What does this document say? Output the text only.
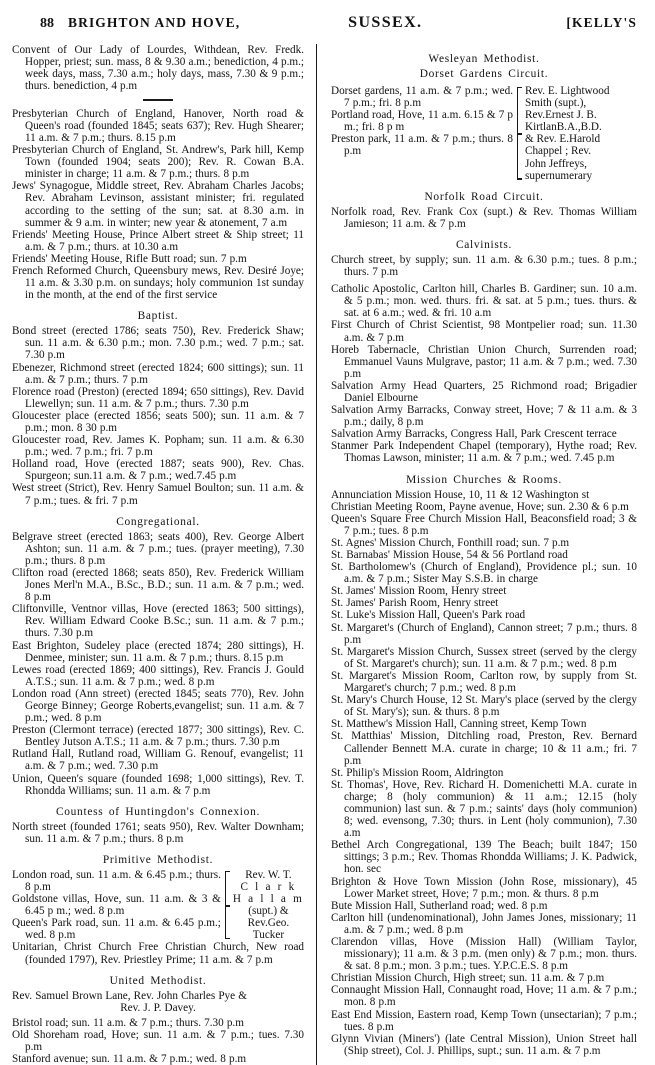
88 BRIGHTON AND HOVE,	SUSSEX.	[KELLY'S
Convent of Our Lady of Lourdes, Withdean, Rev. Fredk. Hopper, priest; sun. mass, 8 & 9.30 a.m.; benediction, 4 p.m.; week days, mass, 7.30 a.m.; holy days, mass, 7.30 & 9 p.m.; thurs. benediction, 4 p.m
Presbyterian Church of England, Hanover, North road & Queen's road (founded 1845; seats 637); Rev. Hugh Shearer; 11 a.m. & 7 p.m.; thurs. 8.15 p.m
Presbyterian Church of England, St. Andrew's, Park hill, Kemp Town (founded 1904; seats 200); Rev. R. Cowan B.A. minister in charge; 11 a.m. & 7 p.m.; thurs. 8 p.m
Jews' Synagogue, Middle street, Rev. Abraham Charles Jacobs; Rev. Abraham Levinson, assistant minister; fri. regulated according to the setting of the sun; sat. at 8.30 a.m. in summer & 9 a.m. in winter; new year & atonement, 7 a.m
Friends' Meeting House, Prince Albert street & Ship street; 11 a.m. & 7 p.m.; thurs. at 10.30 a.m
Friends' Meeting House, Rifle Butt road; sun. 7 p.m
French Reformed Church, Queensbury mews, Rev. Desiré Joye; 11 a.m. & 3.30 p.m. on sundays; holy communion 1st sunday in the month, at the end of the first service
Baptist.
Bond street (erected 1786; seats 750), Rev. Frederick Shaw; sun. 11 a.m. & 6.30 p.m.; mon. 7.30 p.m.; wed. 7 p.m.; sat. 7.30 p.m
Ebenezer, Richmond street (erected 1824; 600 sittings); sun. 11 a.m. & 7 p.m.; thurs. 7 p.m
Florence road (Preston) (erected 1894; 650 sittings), Rev. David Llewellyn; sun. 11 a.m. & 7 p.m.; thurs. 7.30 p.m
Gloucester place (erected 1856; seats 500); sun. 11 a.m. & 7 p.m.; mon. 8 30 p.m
Gloucester road, Rev. James K. Popham; sun. 11 a.m. & 6.30 p.m.; wed. 7 p.m.; fri. 7 p.m
Holland road, Hove (erected 1887; seats 900), Rev. Chas. Spurgeon; sun.11 a.m. & 7 p.m.; wed.7.45 p.m
West street (Strict), Rev. Henry Samuel Boulton; sun. 11 a.m. & 7 p.m.; tues. & fri. 7 p.m
Congregational.
Belgrave street (erected 1863; seats 400), Rev. George Albert Ashton; sun. 11 a.m. & 7 p.m.; tues. (prayer meeting), 7.30 p.m.; thurs. 8 p.m
Clifton road (erected 1868; seats 850), Rev. Frederick William Jones Merl'n M.A., B.Sc., B.D.; sun. 11 a.m. & 7 p.m.; wed. 8 p.m
Cliftonville, Ventnor villas, Hove (erected 1863; 500 sittings), Rev. William Edward Cooke B.Sc.; sun. 11 a.m. & 7 p.m.; thurs. 7.30 p.m
East Brighton, Sudeley place (erected 1874; 280 sittings), H. Denmee, minister; sun. 11 a.m. & 7 p.m.; thurs. 8.15 p.m
Lewes road (erected 1869; 400 sittings), Rev. Francis J. Gould A.T.S.; sun. 11 a.m. & 7 p.m.; wed. 8 p.m
London road (Ann street) (erected 1845; seats 770), Rev. John George Binney; George Roberts,evangelist; sun. 11 a.m. & 7 p.m.; wed. 8 p.m
Preston (Clermont terrace) (erected 1877; 300 sittings), Rev. C. Bentley Jutson A.T.S.; 11 a.m. & 7 p.m.; thurs. 7.30 p.m
Rutland Hall, Rutland road, William G. Renouf, evangelist; 11 a.m. & 7 p.m.; wed. 7.30 p.m
Union, Queen's square (founded 1698; 1,000 sittings), Rev. T. Rhondda Williams; sun. 11 a.m. & 7 p.m
Countess of Huntingdon's Connexion.
North street (founded 1761; seats 950), Rev. Walter Downham; sun. 11 a.m. & 7 p.m.; thurs. 8 p.m
Primitive Methodist.
London road, sun. 11 a.m. & 6.45 p.m.; thurs. 8 p.m
Goldstone villas, Hove, sun. 11 a.m. & 3 & 6.45 p m.; wed. 8 p.m
Queen's Park road, sun. 11 a.m. & 6.45 p.m.; wed. 8 p.m
Rev. W. T.
C l a r k
H a l l a m
(supt.) &
Rev.Geo.
Tucker
Unitarian, Christ Church Free Christian Church, New road (founded 1797), Rev. Priestley Prime; 11 a.m. & 7 p.m
United Methodist.
Rev. Samuel Brown Lane, Rev. John Charles Pye &
Rev. J. P. Davey.
Bristol road; sun. 11 a.m. & 7 p.m.; thurs. 7.30 p.m
Old Shoreham road, Hove; sun. 11 a.m. & 7 p.m.; tues. 7.30 p.m
Stanford avenue; sun. 11 a.m. & 7 p.m.; wed. 8 p.m
Wesleyan Methodist.
Dorset Gardens Circuit.
Dorset gardens, 11 a.m. & 7 p.m.; wed. 7 p.m.; fri. 8 p.m
Portland road, Hove, 11 a.m. 6.15 & 7 p m.; fri. 8 p m
Preston park, 11 a.m. & 7 p.m.; thurs. 8 p.m
Rev. E. Lightwood
Smith (supt.),
Rev.Ernest J. B.
KirtlanB.A.,B.D.
& Rev. E.Harold
Chappel ; Rev.
John Jeffreys,
supernumerary
Norfolk Road Circuit.
Norfolk road, Rev. Frank Cox (supt.) & Rev. Thomas William Jamieson; 11 a.m. & 7 p.m
Calvinists.
Church street, by supply; sun. 11 a.m. & 6.30 p.m.; tues. 8 p.m.; thurs. 7 p.m
Catholic Apostolic, Carlton hill, Charles B. Gardiner; sun. 10 a.m. & 5 p.m.; mon. wed. thurs. fri. & sat. at 5 p.m.; tues. thurs. & sat. at 6 a.m.; wed. & fri. 10 a.m
First Church of Christ Scientist, 98 Montpelier road; sun. 11.30 a.m. & 7 p.m
Horeb Tabernacle, Christian Union Church, Surrenden road; Emmanuel Vauns Mulgrave, pastor; 11 a.m. & 7 p.m.; wed. 7.30 p.m
Salvation Army Head Quarters, 25 Richmond road; Brigadier Daniel Elbourne
Salvation Army Barracks, Conway street, Hove; 7 & 11 a.m. & 3 p.m.; daily, 8 p.m
Salvation Army Barracks, Congress Hall, Park Crescent terrace
Stanmer Park Independent Chapel (temporary), Hythe road; Rev. Thomas Lawson, minister; 11 a.m. & 7 p.m.; wed. 7.45 p.m
Mission Churches & Rooms.
Annunciation Mission House, 10, 11 & 12 Washington st
Christian Meeting Room, Payne avenue, Hove; sun. 2.30 & 6 p.m
Queen's Square Free Church Mission Hall, Beaconsfield road; 3 & 7 p.m.; tues. 8 p.m
St. Agnes' Mission Church, Fonthill road; sun. 7 p.m
St. Barnabas' Mission House, 54 & 56 Portland road
St. Bartholomew's (Church of England), Providence pl.; sun. 10 a.m. & 7 p.m.; Sister May S.S.B. in charge
St. James' Mission Room, Henry street
St. James' Parish Room, Henry street
St. Luke's Mission Hall, Queen's Park road
St. Margaret's (Church of England), Cannon street; 7 p.m.; thurs. 8 p.m
St. Margaret's Mission Church, Sussex street (served by the clergy of St. Margaret's church); sun. 11 a.m. & 7 p.m.; wed. 8 p.m
St. Margaret's Mission Room, Carlton row, by supply from St. Margaret's church; 7 p.m.; wed. 8 p.m
St. Mary's Church House, 12 St. Mary's place (served by the clergy of St. Mary's); sun. & thurs. 8 p.m
St. Matthew's Mission Hall, Canning street, Kemp Town
St. Matthias' Mission, Ditchling road, Preston, Rev. Bernard Callender Bennett M.A. curate in charge; 10 & 11 a.m.; fri. 7 p.m
St. Philip's Mission Room, Aldrington
St. Thomas', Hove, Rev. Richard H. Domenichetti M.A. curate in charge; 8 (holy communion) & 11 a.m.; 12.15 (holy communion) last sun. & 7 p.m.; saints' days (holy communion) 8; wed. evensong, 7.30; thurs. in Lent (holy communion), 7.30 a.m
Bethel Arch Congregational, 139 The Beach; built 1847; 150 sittings; 3 p.m.; Rev. Thomas Rhondda Williams; J. K. Padwick, hon. sec
Brighton & Hove Town Mission (John Rose, missionary), 45 Lower Market street, Hove; 7 p.m.; mon. & thurs. 8 p.m
Bute Mission Hall, Sutherland road; wed. 8 p.m
Carlton hill (undenominational), John James Jones, missionary; 11 a.m. & 7 p.m.; wed. 8 p.m
Clarendon villas, Hove (Mission Hall) (William Taylor, missionary); 11 a.m. & 3 p.m. (men only) & 7 p.m.; mon. thurs. & sat. 8 p.m.; mon. 3 p.m.; tues. Y.P.C.E.S. 8 p.m
Christian Mission Church, High street; sun. 11 a.m. & 7 p.m
Connaught Mission Hall, Connaught road, Hove; 11 a.m. & 7 p.m.; mon. 8 p.m
East End Mission, Eastern road, Kemp Town (unsectarian); 7 p.m.; tues. 8 p.m
Glynn Vivian (Miners') (late Central Mission), Union Street hall (Ship street), Col. J. Phillips, supt.; sun. 11 a.m. & 7 p.m
